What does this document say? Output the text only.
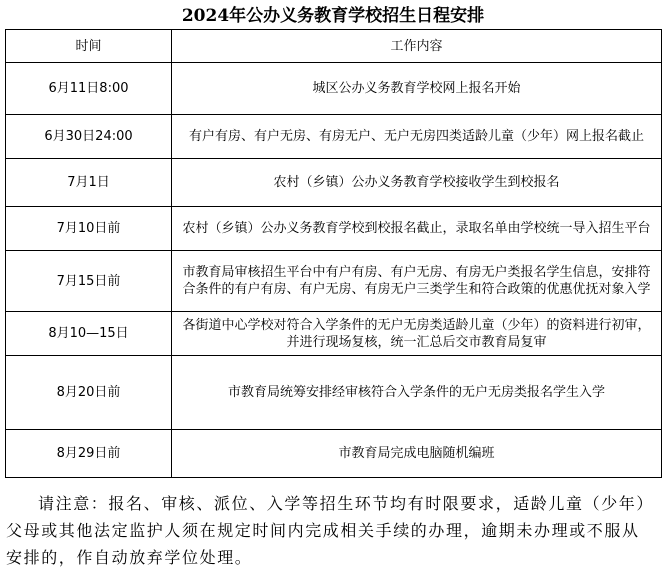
2024年公办义务教育学校招生日程安排
时间	工作内容
6月11日8:00	城区公办义务教育学校网上报名开始
6月30日24:00	有户有房、有户无房、有房无户、无户无房四类适龄儿童（少年）网上报名截止
7月1日	农村（乡镇）公办义务教育学校接收学生到校报名
7月10日前	农村（乡镇）公办义务教育学校到校报名截止，录取名单由学校统一导入招生平台
7月15日前	市教育局审核招生平台中有户有房、有户无房、有房无户类报名学生信息，安排符合条件的有户有房、有户无房、有房无户三类学生和符合政策的优惠优抚对象入学
8月10—15日	各街道中心学校对符合入学条件的无户无房类适龄儿童（少年）的资料进行初审，并进行现场复核，统一汇总后交市教育局复审
8月20日前	市教育局统筹安排经审核符合入学条件的无户无房类报名学生入学
8月29日前	市教育局完成电脑随机编班
请注意：报名、审核、派位、入学等招生环节均有时限要求，适龄儿童（少年）父母或其他法定监护人须在规定时间内完成相关手续的办理，逾期未办理或不服从安排的，作自动放弃学位处理。
